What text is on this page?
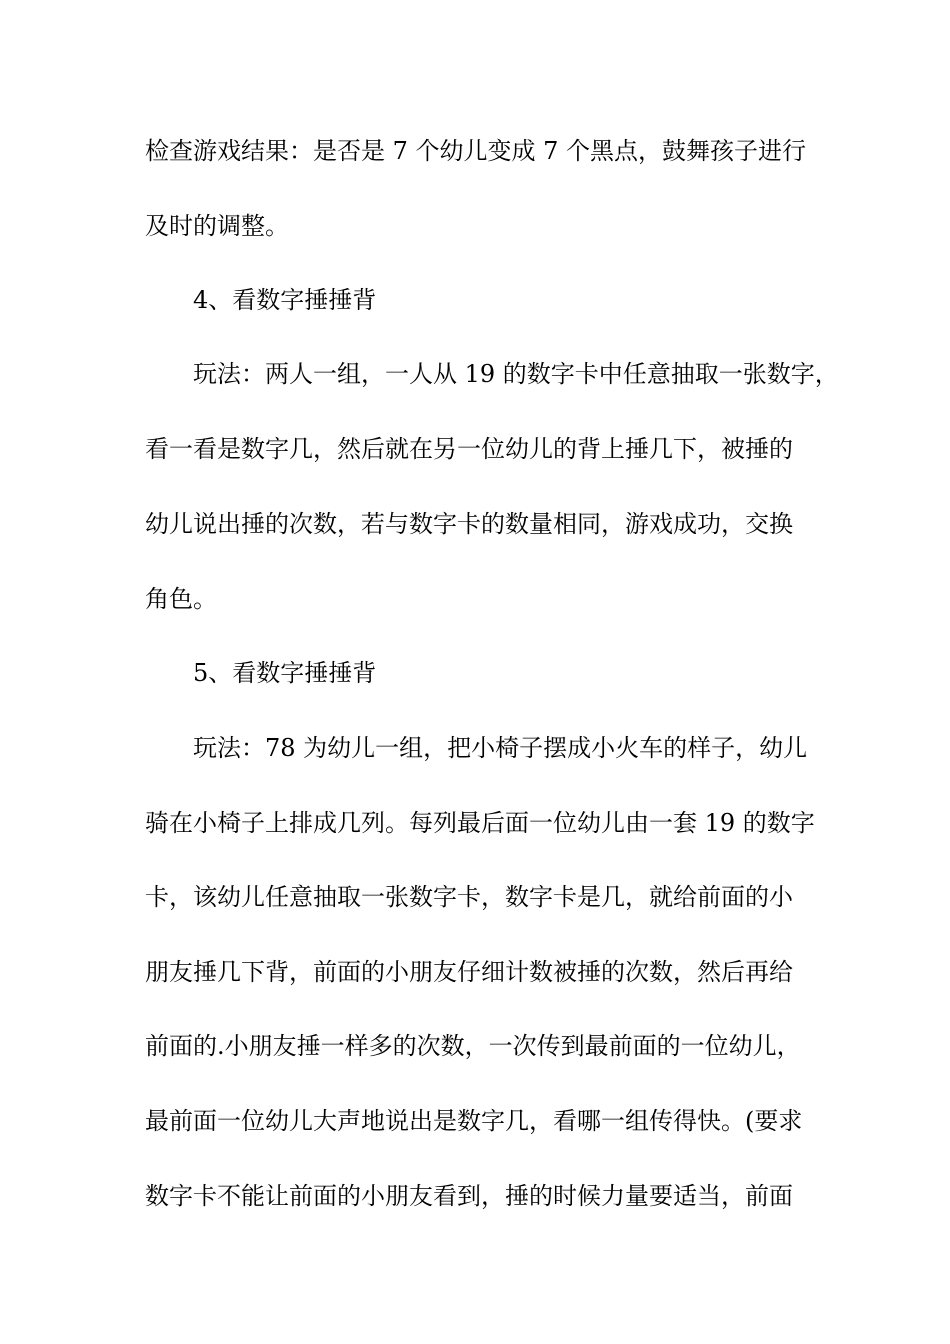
检查游戏结果：是否是 7 个幼儿变成 7 个黑点，鼓舞孩子进行
及时的调整。
4、看数字捶捶背
玩法：两人一组，一人从 19 的数字卡中任意抽取一张数字，
看一看是数字几，然后就在另一位幼儿的背上捶几下，被捶的
幼儿说出捶的次数，若与数字卡的数量相同，游戏成功，交换
角色。
5、看数字捶捶背
玩法：78 为幼儿一组，把小椅子摆成小火车的样子，幼儿
骑在小椅子上排成几列。每列最后面一位幼儿由一套 19 的数字
卡，该幼儿任意抽取一张数字卡，数字卡是几，就给前面的小
朋友捶几下背，前面的小朋友仔细计数被捶的次数，然后再给
前面的.小朋友捶一样多的次数，一次传到最前面的一位幼儿，
最前面一位幼儿大声地说出是数字几，看哪一组传得快。(要求
数字卡不能让前面的小朋友看到，捶的时候力量要适当，前面
